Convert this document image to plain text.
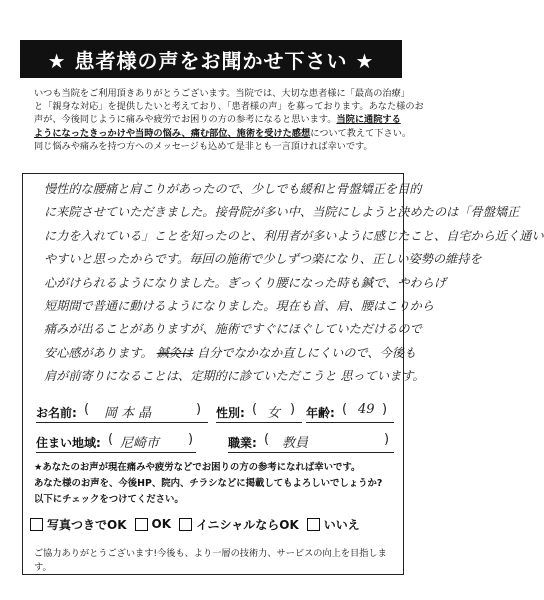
★ 患者様の声をお聞かせ下さい ★
いつも当院をご利用頂きありがとうございます。当院では、大切な患者様に「最高の治療」
と「親身な対応」を提供したいと考えており、「患者様の声」を募っております。あなた様のお
声が、今後同じように痛みや疲労でお困りの方の参考になると思います。当院に通院する
ようになったきっかけや当時の悩み、痛む部位、施術を受けた感想について教えて下さい。
同じ悩みや痛みを持つ方へのメッセージも込めて是非とも一言頂ければ幸いです。
慢性的な腰痛と肩こりがあったので、少しでも緩和と骨盤矯正を目的
に来院させていただきました。接骨院が多い中、当院にしようと決めたのは「骨盤矯正
に力を入れている」ことを知ったのと、利用者が多いように感じたこと、自宅から近く通い
やすいと思ったからです。毎回の施術で少しずつ楽になり、正しい姿勢の維持を
心がけられるようになりました。ぎっくり腰になった時も鍼で、やわらげ
短期間で普通に動けるようになりました。現在も首、肩、腰はこりから
痛みが出ることがありますが、施術ですぐにほぐしていただけるので
安心感があります。 鍼灸は 自分でなかなか直しにくいので、今後も
肩が前寄りになることは、定期的に診ていただこうと 思っています。
お名前: ( 岡 本 晶	) 性別: ( 女 ) 年齢: ( 49 )
住まい地域: ( 尼崎市 )	職業: ( 教員	)
★あなたのお声が現在痛みや疲労などでお困りの方の参考になれば幸いです。
あなた様のお声を、今後HP、院内、チラシなどに掲載してもよろしいでしょうか?
以下にチェックをつけてください。
写真つきでOK OK イニシャルならOK いいえ
ご協力ありがとうございます!今後も、より一層の技術力、サービスの向上を目指します。
